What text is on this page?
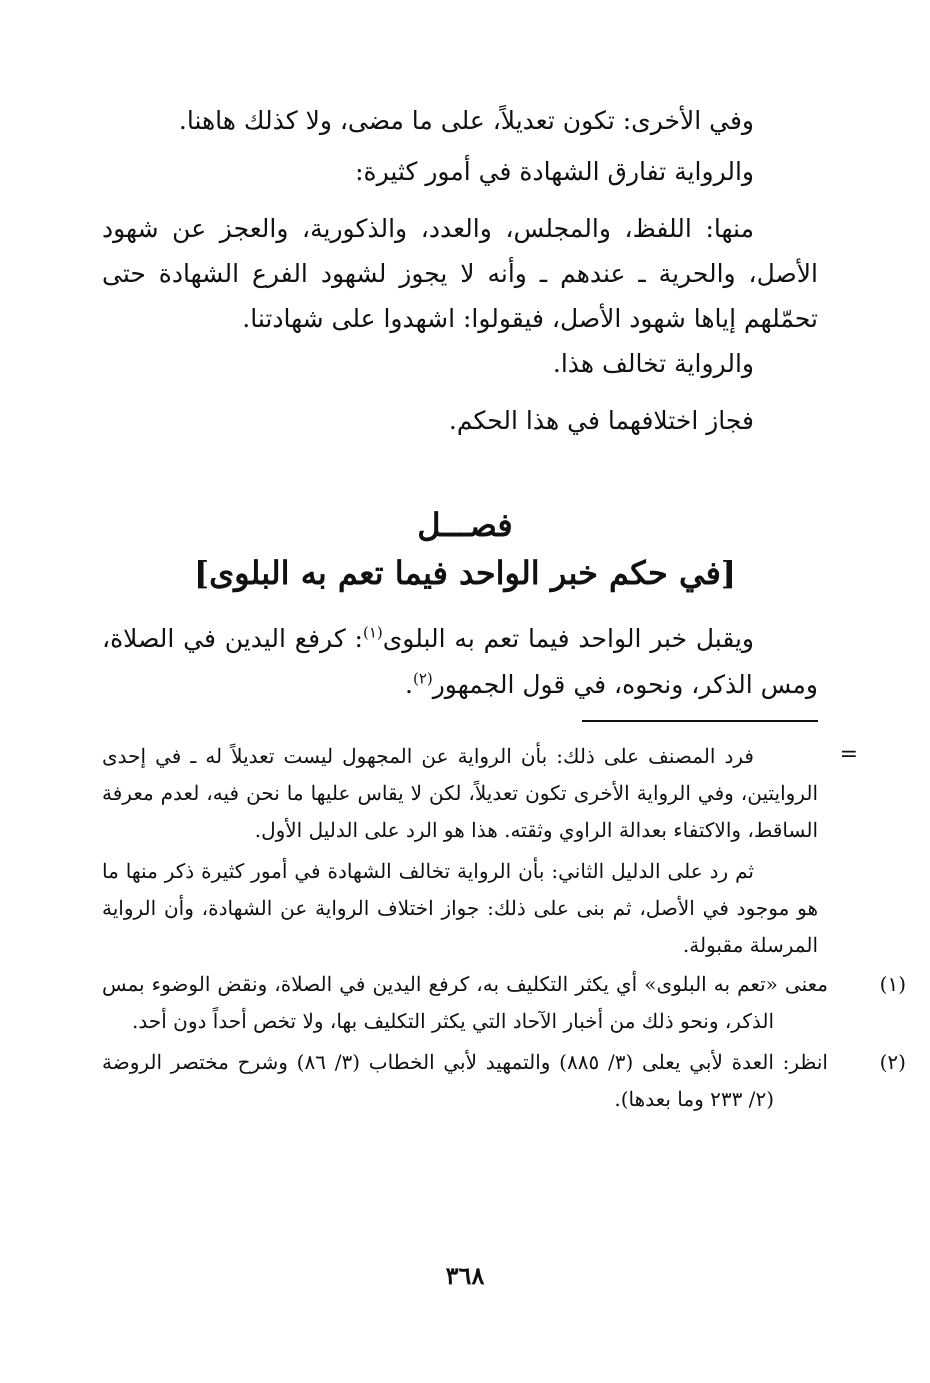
وفي الأخرى: تكون تعديلاً، على ما مضى، ولا كذلك هاهنا.

والرواية تفارق الشهادة في أمور كثيرة:

منها: اللفظ، والمجلس، والعدد، والذكورية، والعجز عن شهود الأصل، والحرية ـ عندهم ـ وأنه لا يجوز لشهود الفرع الشهادة حتى تحمّلهم إياها شهود الأصل، فيقولوا: اشهدوا على شهادتنا.

والرواية تخالف هذا.

فجاز اختلافهما في هذا الحكم.

فصـــل

[في حكم خبر الواحد فيما تعم به البلوى]

ويقبل خبر الواحد فيما تعم به البلوى$^{(١)}$: كرفع اليدين في الصلاة، ومس الذكر، ونحوه، في قول الجمهور$^{(٢)}$.

=

فرد المصنف على ذلك: بأن الرواية عن المجهول ليست تعديلاً له ـ في إحدى الروايتين، وفي الرواية الأخرى تكون تعديلاً، لكن لا يقاس عليها ما نحن فيه، لعدم معرفة الساقط، والاكتفاء بعدالة الراوي وثقته. هذا هو الرد على الدليل الأول.

ثم رد على الدليل الثاني: بأن الرواية تخالف الشهادة في أمور كثيرة ذكر منها ما هو موجود في الأصل، ثم بنى على ذلك: جواز اختلاف الرواية عن الشهادة، وأن الرواية المرسلة مقبولة.

(١)معنى «تعم به البلوى» أي يكثر التكليف به، كرفع اليدين في الصلاة، ونقض الوضوء بمس الذكر، ونحو ذلك من أخبار الآحاد التي يكثر التكليف بها، ولا تخص أحداً دون أحد.

(٢)انظر: العدة لأبي يعلى (٣/ ٨٨٥) والتمهيد لأبي الخطاب (٣/ ٨٦) وشرح مختصر الروضة (٢/ ٢٣٣ وما بعدها).

٣٦٨
